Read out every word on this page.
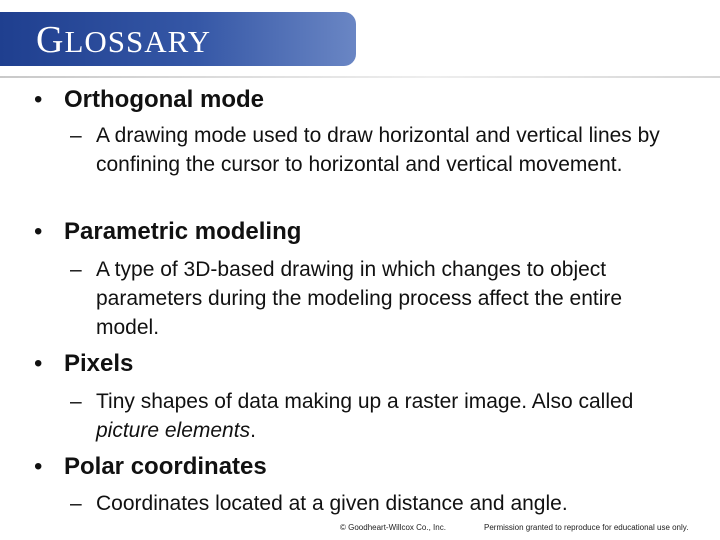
GLOSSARY
• Orthogonal mode
– A drawing mode used to draw horizontal and vertical lines by confining the cursor to horizontal and vertical movement.
• Parametric modeling
– A type of 3D-based drawing in which changes to object parameters during the modeling process affect the entire model.
• Pixels
– Tiny shapes of data making up a raster image. Also called picture elements.
• Polar coordinates
– Coordinates located at a given distance and angle.
© Goodheart-Willcox Co., Inc.	Permission granted to reproduce for educational use only.
